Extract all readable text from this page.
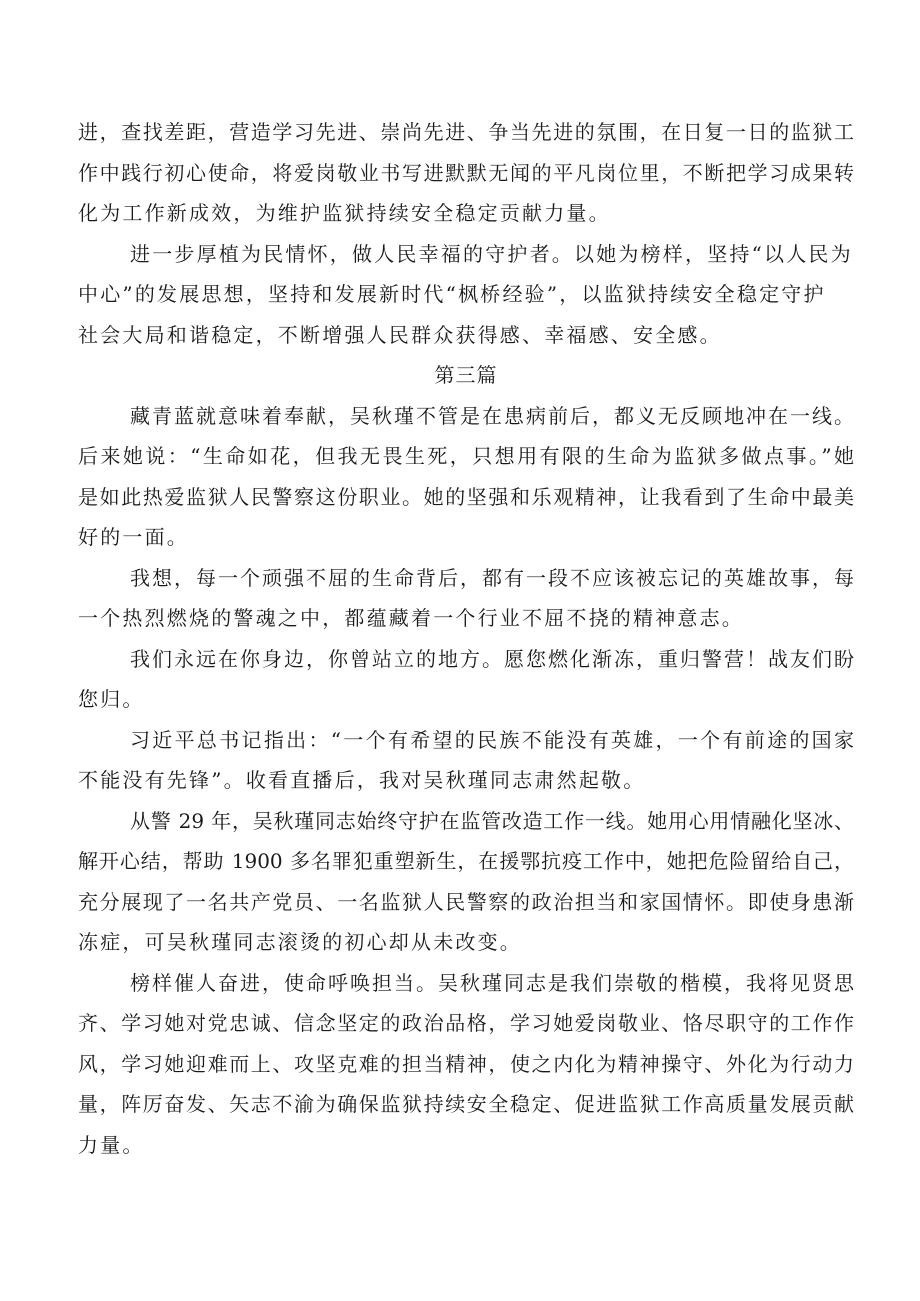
进，查找差距，营造学习先进、崇尚先进、争当先进的氛围，在日复一日的监狱工
作中践行初心使命，将爱岗敬业书写进默默无闻的平凡岗位里，不断把学习成果转
化为工作新成效，为维护监狱持续安全稳定贡献力量。
进一步厚植为民情怀，做人民幸福的守护者。以她为榜样，坚持“以人民为
中心”的发展思想，坚持和发展新时代“枫桥经验”，以监狱持续安全稳定守护
社会大局和谐稳定，不断增强人民群众获得感、幸福感、安全感。
第三篇
藏青蓝就意味着奉献，吴秋瑾不管是在患病前后，都义无反顾地冲在一线。
后来她说：“生命如花，但我无畏生死，只想用有限的生命为监狱多做点事。”她
是如此热爱监狱人民警察这份职业。她的坚强和乐观精神，让我看到了生命中最美
好的一面。
我想，每一个顽强不屈的生命背后，都有一段不应该被忘记的英雄故事，每
一个热烈燃烧的警魂之中，都蕴藏着一个行业不屈不挠的精神意志。
我们永远在你身边，你曾站立的地方。愿您燃化渐冻，重归警营！战友们盼
您归。
习近平总书记指出：“一个有希望的民族不能没有英雄，一个有前途的国家
不能没有先锋”。收看直播后，我对吴秋瑾同志肃然起敬。
从警 29 年，吴秋瑾同志始终守护在监管改造工作一线。她用心用情融化坚冰、
解开心结，帮助 1900 多名罪犯重塑新生，在援鄂抗疫工作中，她把危险留给自己，
充分展现了一名共产党员、一名监狱人民警察的政治担当和家国情怀。即使身患渐
冻症，可吴秋瑾同志滚烫的初心却从未改变。
榜样催人奋进，使命呼唤担当。吴秋瑾同志是我们崇敬的楷模，我将见贤思
齐、学习她对党忠诚、信念坚定的政治品格，学习她爱岗敬业、恪尽职守的工作作
风，学习她迎难而上、攻坚克难的担当精神，使之内化为精神操守、外化为行动力
量，阵厉奋发、矢志不渝为确保监狱持续安全稳定、促进监狱工作高质量发展贡献
力量。
